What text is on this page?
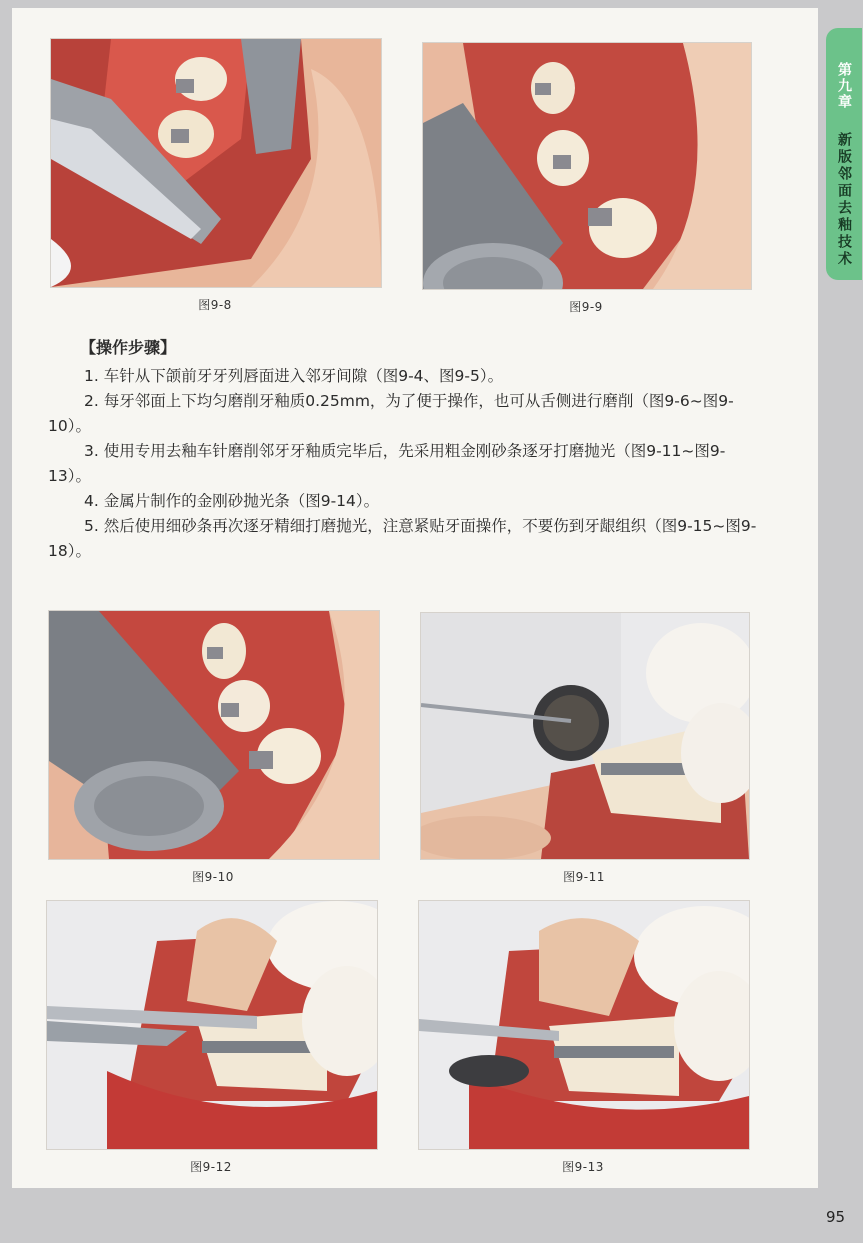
图9-8	图9-9
【操作步骤】

1. 车针从下颌前牙牙列唇面进入邻牙间隙（图9-4、图9-5）。

2. 每牙邻面上下均匀磨削牙釉质0.25mm，为了便于操作，也可从舌侧进行磨削（图9-6~图9-10）。

3. 使用专用去釉车针磨削邻牙牙釉质完毕后，先采用粗金刚砂条逐牙打磨抛光（图9-11~图9-13）。

4. 金属片制作的金刚砂抛光条（图9-14）。

5. 然后使用细砂条再次逐牙精细打磨抛光，注意紧贴牙面操作，不要伤到牙龈组织（图9-15~图9-18）。

图9-10	图9-11
图9-12	图9-13
第九章
新版邻面去釉技术
95
